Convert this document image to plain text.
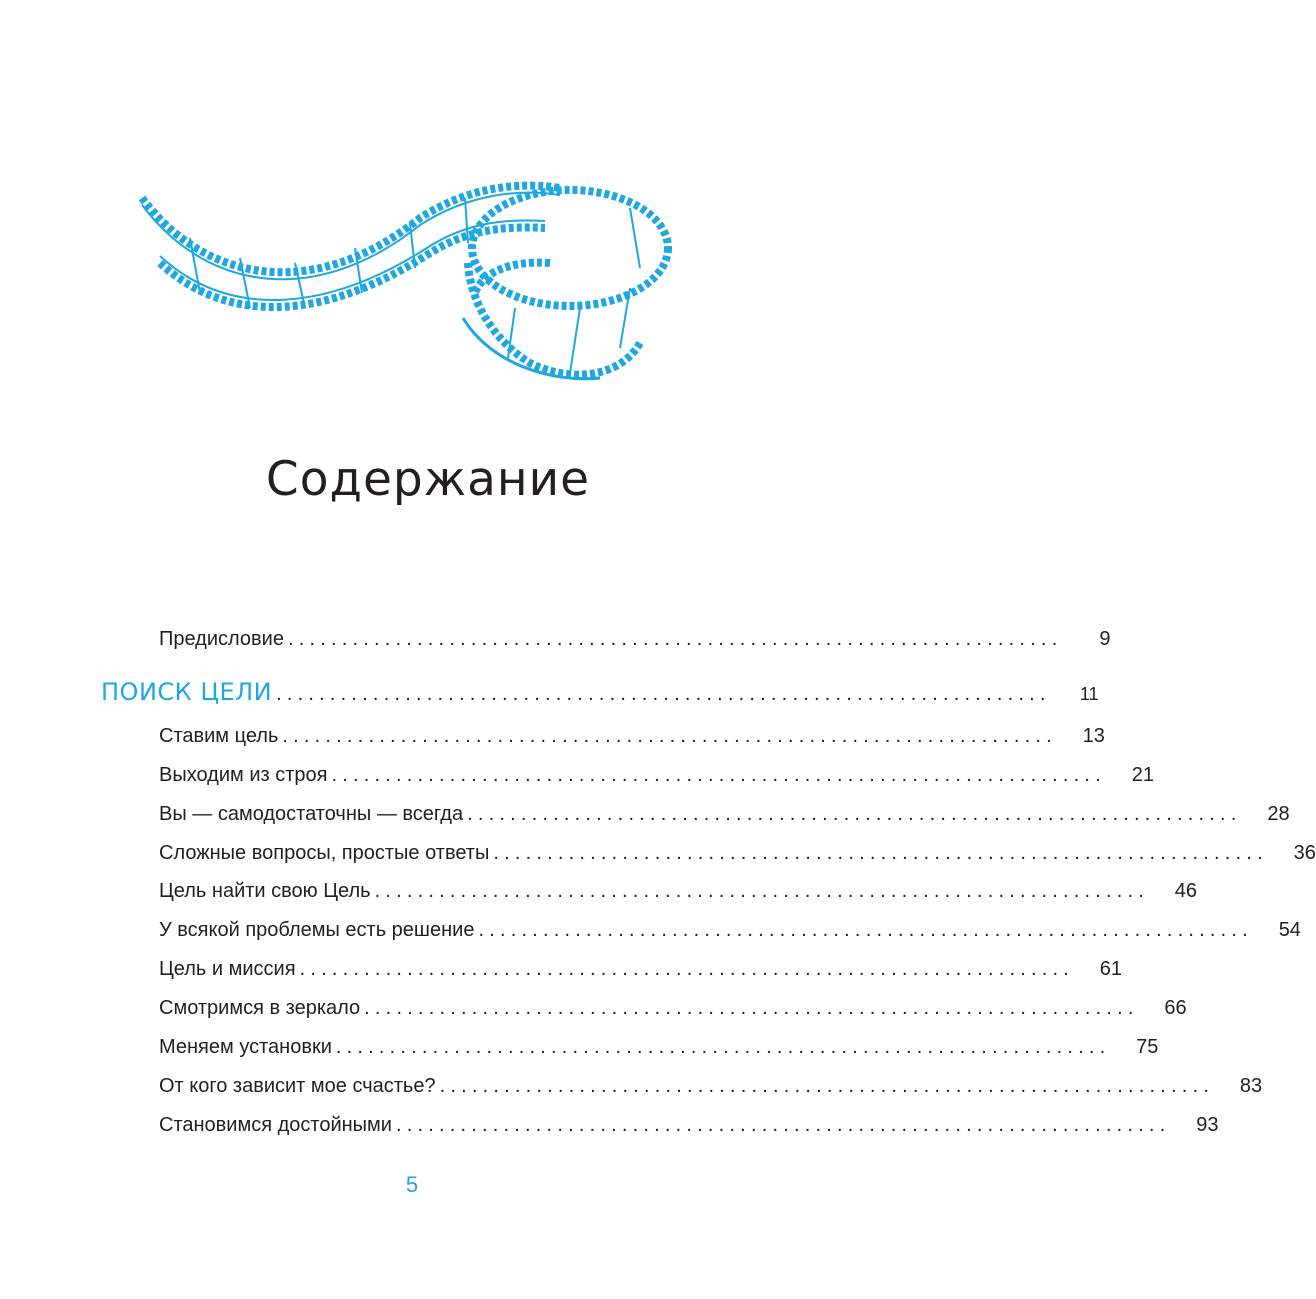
Содержание
Предисловие ........................................................................	9
ПОИСК ЦЕЛИ ........................................................................	11
Ставим цель ........................................................................	13
Выходим из строя ........................................................................	21
Вы — самодостаточны — всегда ........................................................................	28
Сложные вопросы, простые ответы ........................................................................	36
Цель найти свою Цель ........................................................................	46
У всякой проблемы есть решение ........................................................................	54
Цель и миссия ........................................................................	61
Смотримся в зеркало ........................................................................	66
Меняем установки ........................................................................	75
От кого зависит мое счастье? ........................................................................	83
Становимся достойными ........................................................................	93
5
